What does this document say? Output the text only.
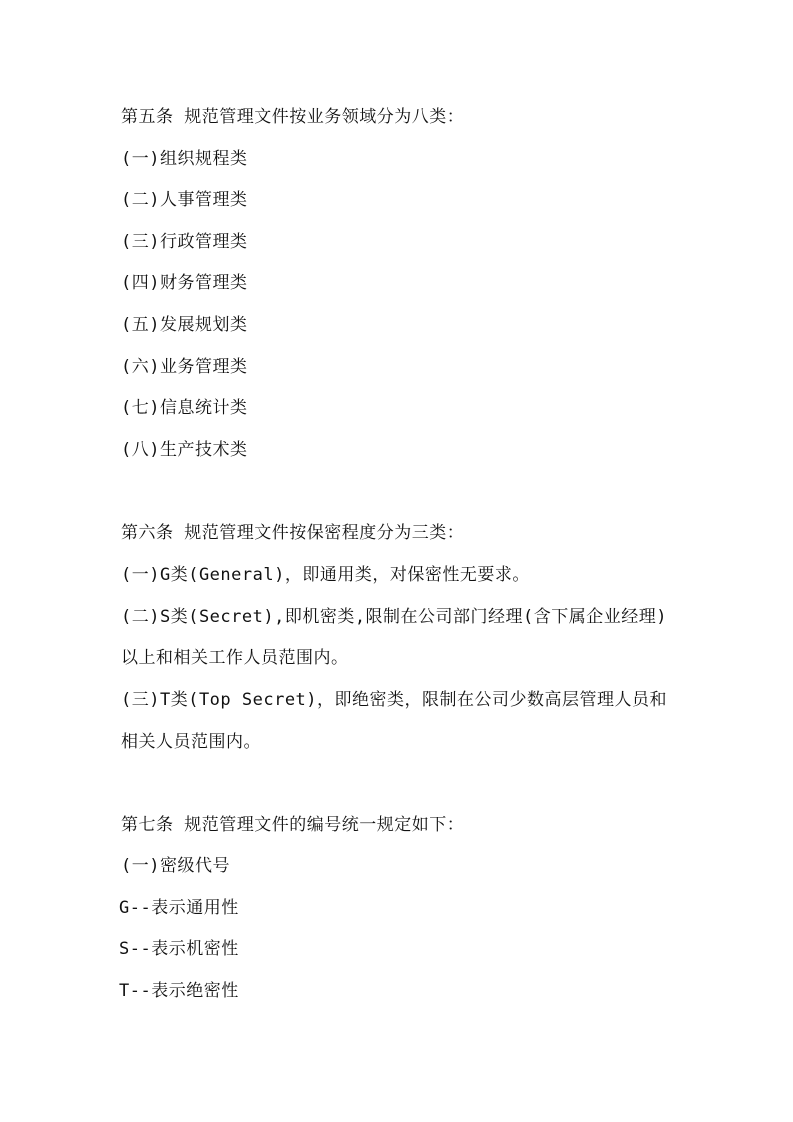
第五条 规范管理文件按业务领域分为八类：
(一)组织规程类
(二)人事管理类
(三)行政管理类
(四)财务管理类
(五)发展规划类
(六)业务管理类
(七)信息统计类
(八)生产技术类
第六条 规范管理文件按保密程度分为三类：
(一)G类(General)，即通用类，对保密性无要求。
(二)S类(Secret),即机密类,限制在公司部门经理(含下属企业经理)
以上和相关工作人员范围内。
(三)T类(Top Secret)，即绝密类，限制在公司少数高层管理人员和
相关人员范围内。
第七条 规范管理文件的编号统一规定如下：
(一)密级代号
G--表示通用性
S--表示机密性
T--表示绝密性
